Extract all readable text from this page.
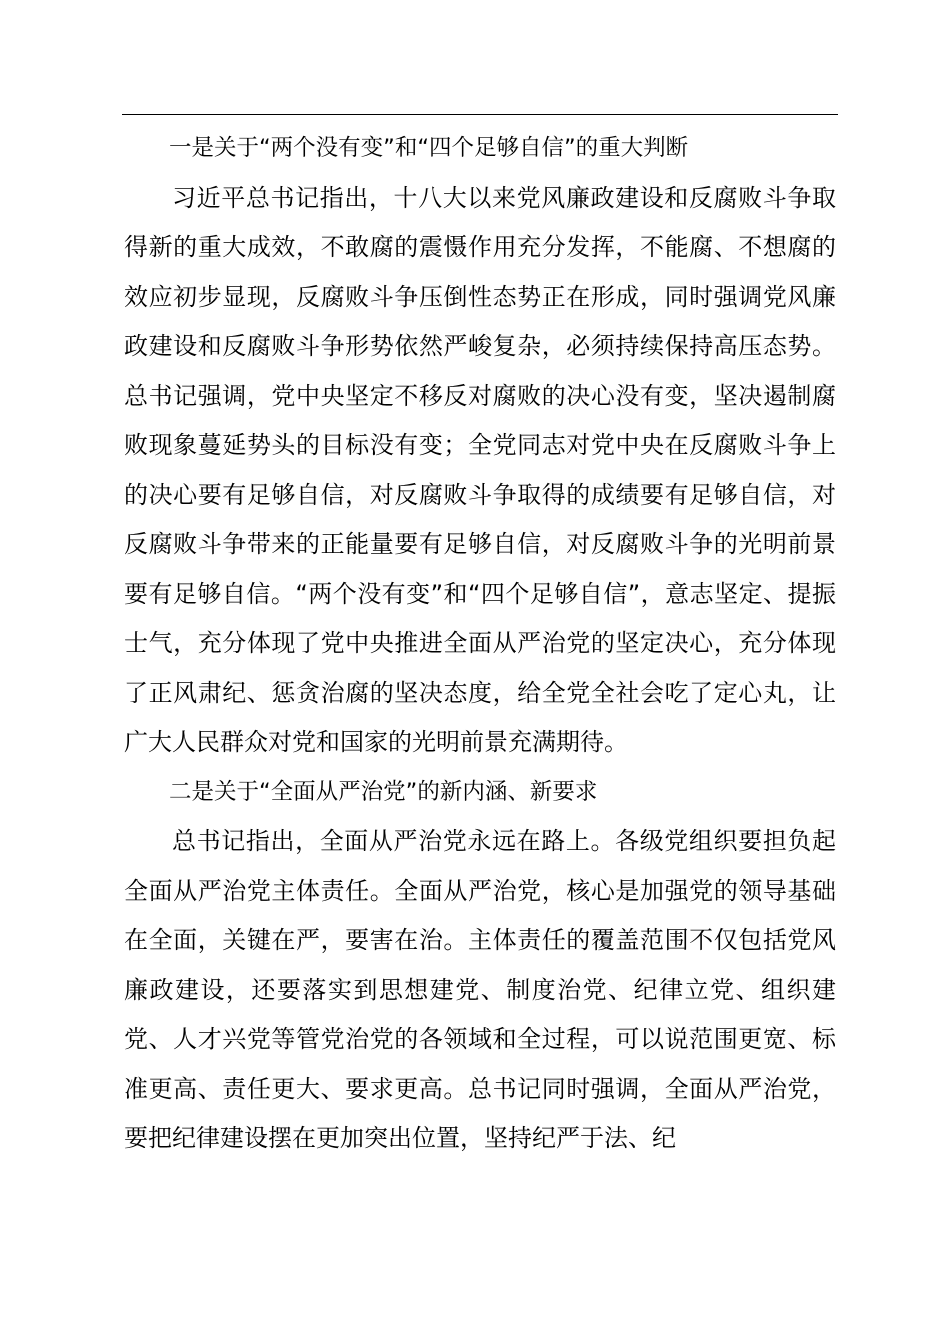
一是关于“两个没有变”和“四个足够自信”的重大判断

习近平总书记指出，十八大以来党风廉政建设和反腐败斗争取得新的重大成效，不敢腐的震慑作用充分发挥，不能腐、不想腐的效应初步显现，反腐败斗争压倒性态势正在形成，同时强调党风廉政建设和反腐败斗争形势依然严峻复杂，必须持续保持高压态势。总书记强调，党中央坚定不移反对腐败的决心没有变，坚决遏制腐败现象蔓延势头的目标没有变；全党同志对党中央在反腐败斗争上的决心要有足够自信，对反腐败斗争取得的成绩要有足够自信，对反腐败斗争带来的正能量要有足够自信，对反腐败斗争的光明前景要有足够自信。“两个没有变”和“四个足够自信”，意志坚定、提振士气，充分体现了党中央推进全面从严治党的坚定决心，充分体现了正风肃纪、惩贪治腐的坚决态度，给全党全社会吃了定心丸，让广大人民群众对党和国家的光明前景充满期待。

二是关于“全面从严治党”的新内涵、新要求

总书记指出，全面从严治党永远在路上。各级党组织要担负起全面从严治党主体责任。全面从严治党，核心是加强党的领导基础在全面，关键在严，要害在治。主体责任的覆盖范围不仅包括党风廉政建设，还要落实到思想建党、制度治党、纪律立党、组织建党、人才兴党等管党治党的各领域和全过程，可以说范围更宽、标准更高、责任更大、要求更高。总书记同时强调，全面从严治党，要把纪律建设摆在更加突出位置，坚持纪严于法、纪
